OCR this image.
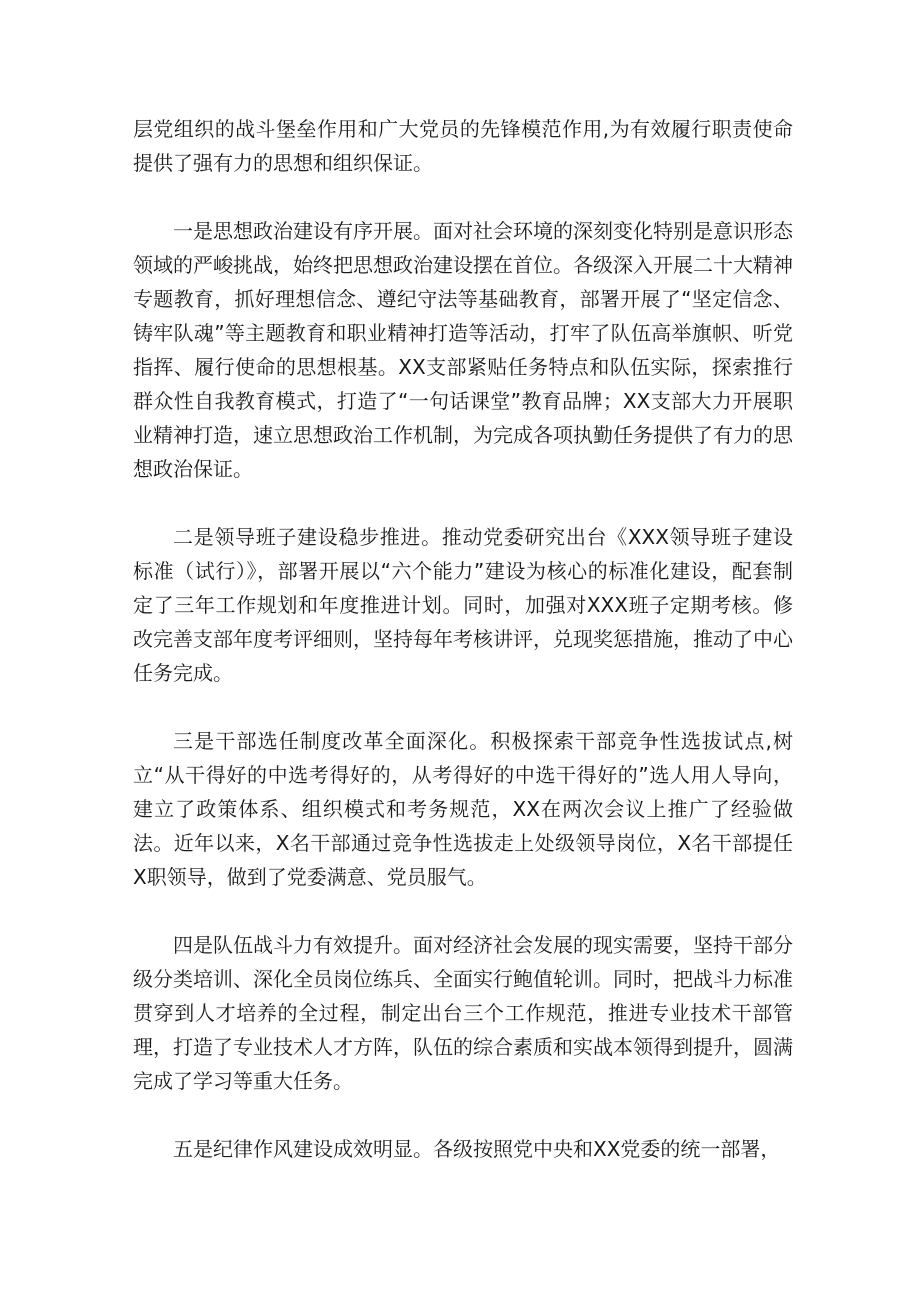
层党组织的战斗堡垒作用和广大党员的先锋模范作用,为有效履行职责使命提供了强有力的思想和组织保证。

一是思想政治建设有序开展。面对社会环境的深刻变化特别是意识形态领域的严峻挑战，始终把思想政治建设摆在首位。各级深入开展二十大精神专题教育，抓好理想信念、遵纪守法等基础教育，部署开展了“坚定信念、铸牢队魂”等主题教育和职业精神打造等活动，打牢了队伍高举旗帜、听党指挥、履行使命的思想根基。XX支部紧贴任务特点和队伍实际，探索推行群众性自我教育模式，打造了“一句话课堂”教育品牌；XX支部大力开展职业精神打造，速立思想政治工作机制，为完成各项执勤任务提供了有力的思想政治保证。

二是领导班子建设稳步推进。推动党委研究出台《XXX领导班子建设标准（试行）》，部署开展以“六个能力”建设为核心的标准化建设，配套制定了三年工作规划和年度推进计划。同时，加强对XXX班子定期考核。修改完善支部年度考评细则，坚持每年考核讲评，兑现奖惩措施，推动了中心任务完成。

三是干部选任制度改革全面深化。积极探索干部竞争性选拔试点,树立“从干得好的中选考得好的，从考得好的中选干得好的”选人用人导向，建立了政策体系、组织模式和考务规范，XX在两次会议上推广了经验做法。近年以来，X名干部通过竞争性选拔走上处级领导岗位，X名干部提任X职领导，做到了党委满意、党员服气。

四是队伍战斗力有效提升。面对经济社会发展的现实需要，坚持干部分级分类培训、深化全员岗位练兵、全面实行鲍值轮训。同时，把战斗力标准贯穿到人才培养的全过程，制定出台三个工作规范，推进专业技术干部管理，打造了专业技术人才方阵，队伍的综合素质和实战本领得到提升，圆满完成了学习等重大任务。

五是纪律作风建设成效明显。各级按照党中央和XX党委的统一部署，
